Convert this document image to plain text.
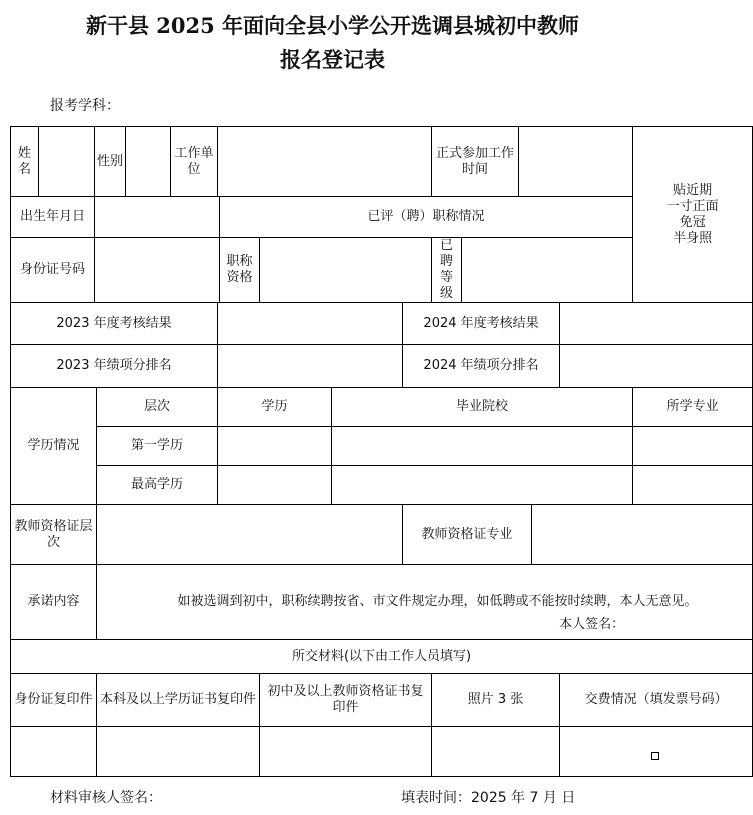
新干县 2025 年面向全县小学公开选调县城初中教师
报名登记表
报考学科：
姓名		性别			工作单位						正式参加工作时间					贴近期
一寸正面
免冠
半身照

出生年月日							已评（聘）职称情况									
身份证号码							职称资格				已聘等级					
2023 年度考核结果										2024 年度考核结果						
2023 年绩项分排名										2024 年绩项分排名						
学历情况			层次			学历			毕业院校							所学专业
			第一学历													
			最高学历													
教师资格证层次										教师资格证专业						
承诺内容			如被选调到初中，职称续聘按省、市文件规定办理，如低聘或不能按时续聘，本人无意见。
本人签名：													

所交材料(以下由工作人员填写)																
身份证复印件			本科及以上学历证书复印件					初中及以上教师资格证书复印件			照片 3 张				交费情况（填发票号码）	

材料审核人签名：	填表时间：2025 年 7 月 日
